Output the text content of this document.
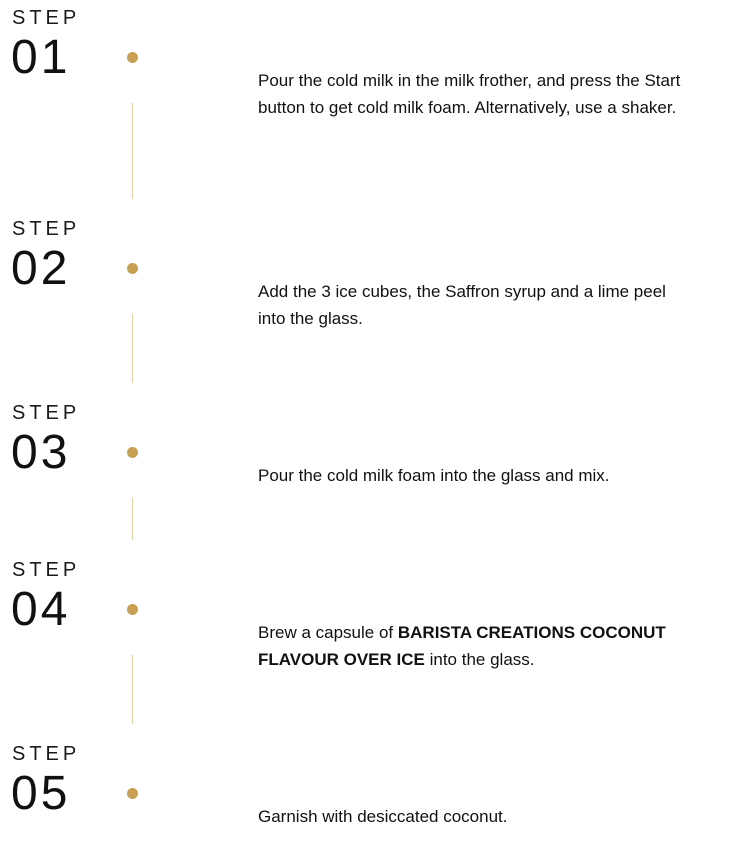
STEP
01	Pour the cold milk in the milk frother, and press the Start button to get cold milk foam. Alternatively, use a shaker.
STEP
02	Add the 3 ice cubes, the Saffron syrup and a lime peel into the glass.
STEP
03	Pour the cold milk foam into the glass and mix.
STEP
04	Brew a capsule of BARISTA CREATIONS COCONUT FLAVOUR OVER ICE into the glass.
STEP
05	Garnish with desiccated coconut.
